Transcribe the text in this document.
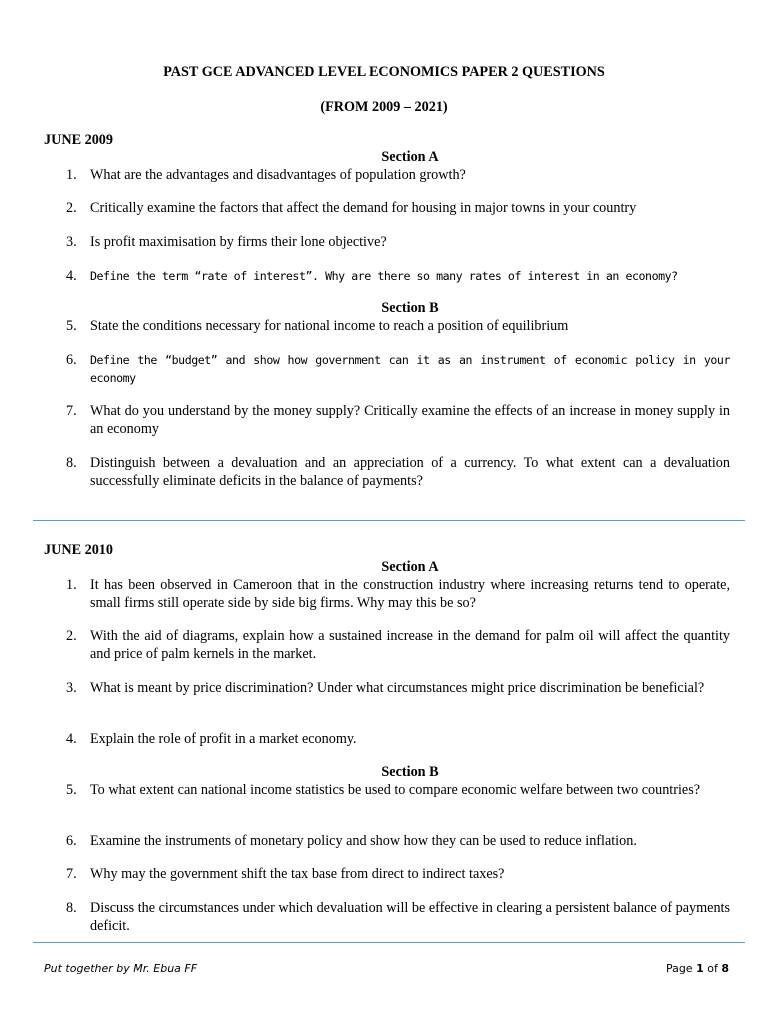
PAST GCE ADVANCED LEVEL ECONOMICS PAPER 2 QUESTIONS
(FROM 2009 – 2021)
JUNE 2009
Section A
1. What are the advantages and disadvantages of population growth?
2. Critically examine the factors that affect the demand for housing in major towns in your country
3. Is profit maximisation by firms their lone objective?
4.	Define the term “rate of interest”. Why are there so many rates of interest in an economy?
Section B
5. State the conditions necessary for national income to reach a position of equilibrium
6.	Define the “budget” and show how government can it as an instrument of economic policy in your economy
7. What do you understand by the money supply? Critically examine the effects of an increase in money supply in an economy
8. Distinguish between a devaluation and an appreciation of a currency. To what extent can a devaluation successfully eliminate deficits in the balance of payments?
JUNE 2010
Section A
1. It has been observed in Cameroon that in the construction industry where increasing returns tend to operate, small firms still operate side by side big firms. Why may this be so?
2. With the aid of diagrams, explain how a sustained increase in the demand for palm oil will affect the quantity and price of palm kernels in the market.
3. What is meant by price discrimination? Under what circumstances might price discrimination be beneficial?
4. Explain the role of profit in a market economy.
Section B
5. To what extent can national income statistics be used to compare economic welfare between two countries?
6. Examine the instruments of monetary policy and show how they can be used to reduce inflation.
7. Why may the government shift the tax base from direct to indirect taxes?
8. Discuss the circumstances under which devaluation will be effective in clearing a persistent balance of payments deficit.
Put together by Mr. Ebua FF	Page 1 of 8
